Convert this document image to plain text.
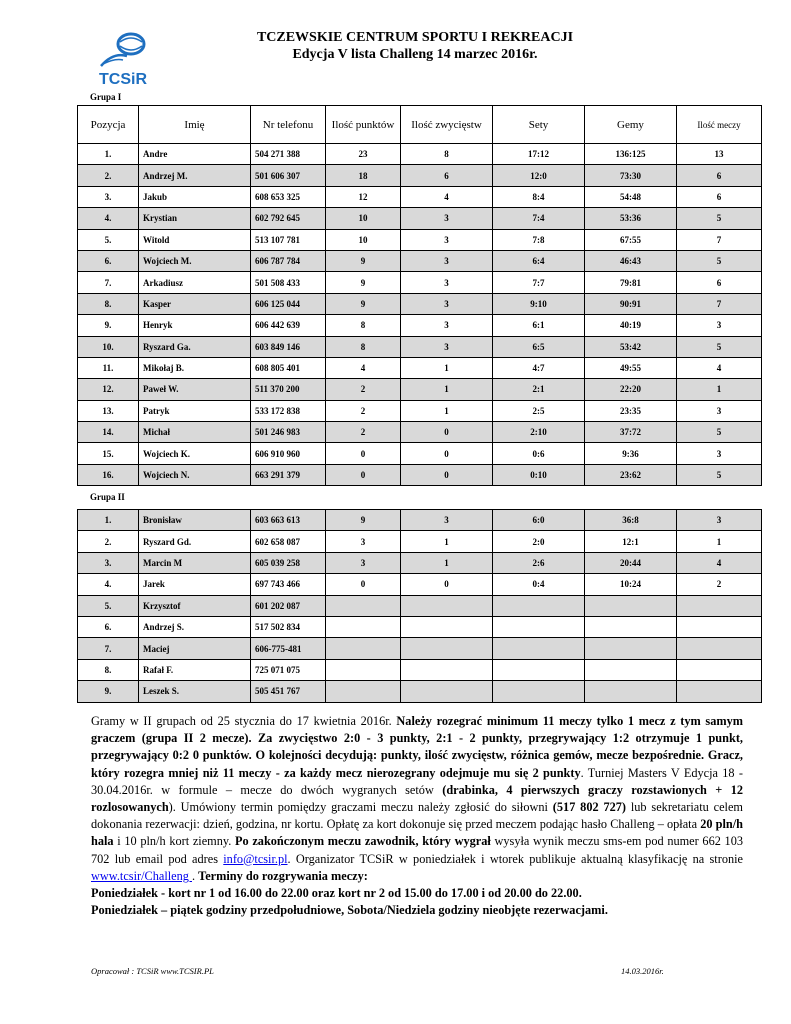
TCSiR
TCZEWSKIE CENTRUM SPORTU I REKREACJI
Edycja V lista Challeng 14 marzec 2016r.
Grupa I
Pozycja	Imię	Nr telefonu	Ilość punktów	Ilość zwycięstw	Sety	Gemy	Ilość meczy
1.	Andre	504 271 388	23	8	17:12	136:125	13
2.	Andrzej M.	501 606 307	18	6	12:0	73:30	6
3.	Jakub	608 653 325	12	4	8:4	54:48	6
4.	Krystian	602 792 645	10	3	7:4	53:36	5
5.	Witold	513 107 781	10	3	7:8	67:55	7
6.	Wojciech M.	606 787 784	9	3	6:4	46:43	5
7.	Arkadiusz	501 508 433	9	3	7:7	79:81	6
8.	Kasper	606 125 044	9	3	9:10	90:91	7
9.	Henryk	606 442 639	8	3	6:1	40:19	3
10.	Ryszard Ga.	603 849 146	8	3	6:5	53:42	5
11.	Mikołaj B.	608 805 401	4	1	4:7	49:55	4
12.	Paweł W.	511 370 200	2	1	2:1	22:20	1
13.	Patryk	533 172 838	2	1	2:5	23:35	3
14.	Michał	501 246 983	2	0	2:10	37:72	5
15.	Wojciech K.	606 910 960	0	0	0:6	9:36	3
16.	Wojciech N.	663 291 379	0	0	0:10	23:62	5
Grupa II
1.	Bronisław	603 663 613	9	3	6:0	36:8	3
2.	Ryszard Gd.	602 658 087	3	1	2:0	12:1	1
3.	Marcin M	605 039 258	3	1	2:6	20:44	4
4.	Jarek	697 743 466	0	0	0:4	10:24	2
5.	Krzysztof	601 202 087					
6.	Andrzej S.	517 502 834					
7.	Maciej	606-775-481					
8.	Rafał F.	725 071 075					
9.	Leszek S.	505 451 767					
Gramy w II grupach od 25 stycznia do 17 kwietnia 2016r. Należy rozegrać minimum 11 meczy tylko 1 mecz z tym samym graczem (grupa II 2 mecze). Za zwycięstwo 2:0 - 3 punkty, 2:1 - 2 punkty, przegrywający 1:2 otrzymuje 1 punkt, przegrywający 0:2 0 punktów. O kolejności decydują: punkty, ilość zwycięstw, różnica gemów, mecze bezpośrednie. Gracz, który rozegra mniej niż 11 meczy - za każdy mecz nierozegrany odejmuje mu się 2 punkty. Turniej Masters V Edycja 18 - 30.04.2016r. w formule – mecze do dwóch wygranych setów (drabinka, 4 pierwszych graczy rozstawionych + 12 rozlosowanych). Umówiony termin pomiędzy graczami meczu należy zgłosić do siłowni (517 802 727) lub sekretariatu celem dokonania rezerwacji: dzień, godzina, nr kortu. Opłatę za kort dokonuje się przed meczem podając hasło Challeng – opłata 20 pln/h hala i 10 pln/h kort ziemny. Po zakończonym meczu zawodnik, który wygrał wysyła wynik meczu sms-em pod numer 662 103 702 lub email pod adres info@tcsir.pl. Organizator TCSiR w poniedziałek i wtorek publikuje aktualną klasyfikację na stronie www.tcsir/Challeng . Terminy do rozgrywania meczy:
Poniedziałek - kort nr 1 od 16.00 do 22.00 oraz kort nr 2 od 15.00 do 17.00 i od 20.00 do 22.00.
Poniedziałek – piątek godziny przedpołudniowe, Sobota/Niedziela godziny nieobjęte rezerwacjami.
Opracował : TCSiR www.TCSIR.PL	14.03.2016r.
